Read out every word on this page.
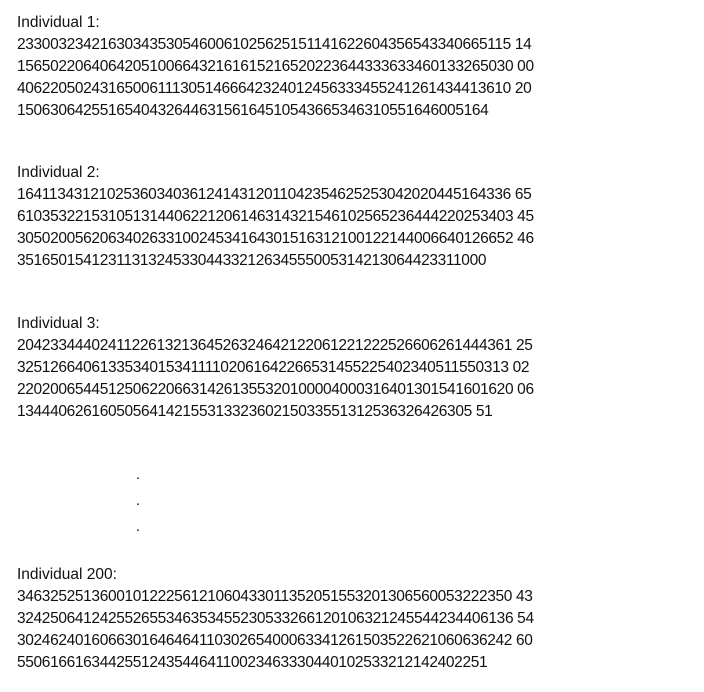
Individual 1:
233003234216303435305460061025625151141622604356543340665115 14
156502206406420510066432161615216520223644333633460133265030 00
406220502431650061113051466642324012456333455241261434413610 20
150630642551654043264463156164510543665346310551646005164
Individual 2:
164113431210253603403612414312011042354625253042020445164336 65
610353221531051314406221206146314321546102565236444220253403 45
305020056206340263310024534164301516312100122144006640126652 46
351650154123113132453304433212634555005314213064423311000
Individual 3:
204233444024112261321364526324642122061221222526606261444361 25
325126640613353401534111102061642266531455225402340511550313 02
220200654451250622066314261355320100004000316401301541601620 06
1344406261605056414215531332360215033551312536326426305 51
.
.
.
Individual 200:
346325251360010122256121060433011352051553201306560053222350 43
324250641242552655346353455230533266120106321245544234406136 54
302462401606630164646411030265400063341261503522621060636242 60
550616616344255124354464110023463330440102533212142402251
